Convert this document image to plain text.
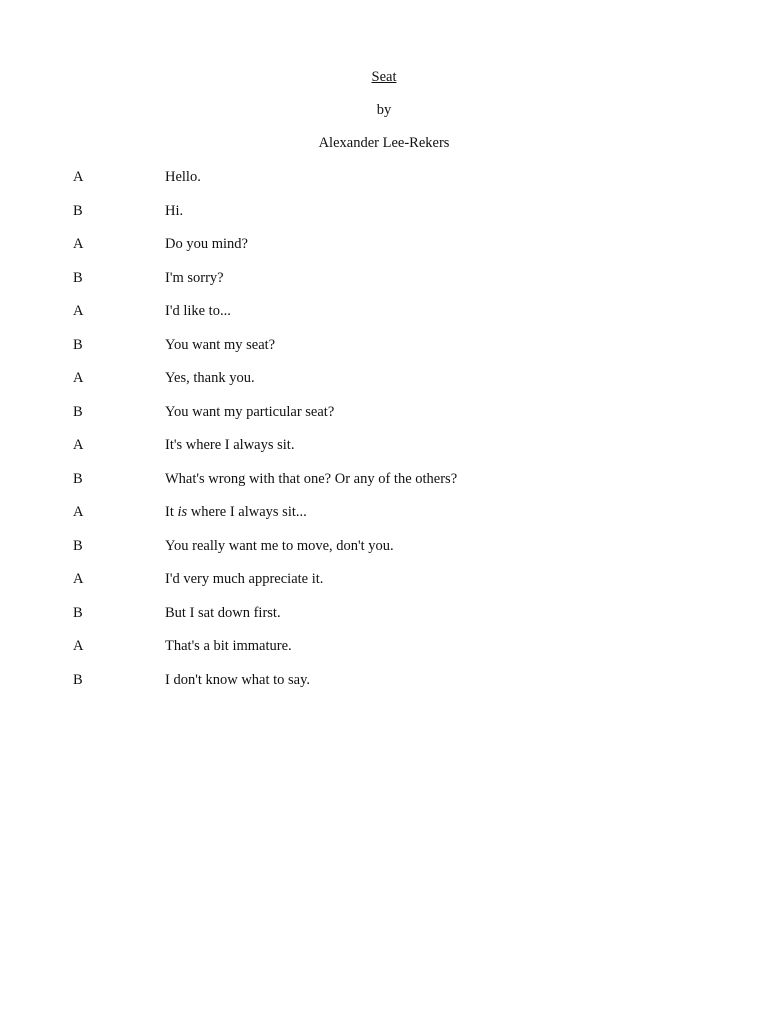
Seat
by
Alexander Lee-Rekers
A	Hello.
B	Hi.
A	Do you mind?
B	I'm sorry?
A	I'd like to...
B	You want my seat?
A	Yes, thank you.
B	You want my particular seat?
A	It's where I always sit.
B	What's wrong with that one? Or any of the others?
A	It is where I always sit...
B	You really want me to move, don't you.
A	I'd very much appreciate it.
B	But I sat down first.
A	That's a bit immature.
B	I don't know what to say.
